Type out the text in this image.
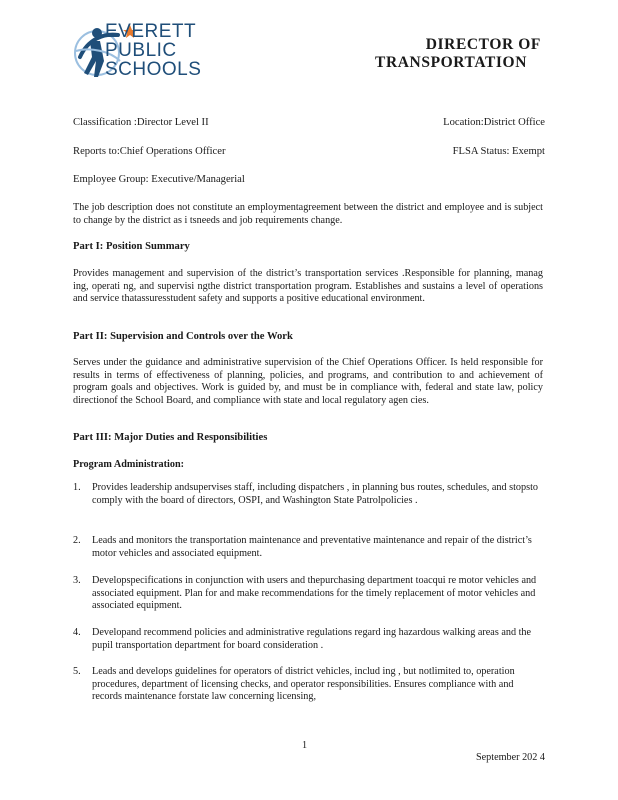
EVERETT
PUBLIC
SCHOOLS
DIRECTOR OF
TRANSPORTATION
Classification :Director Level II	Location:District Office
Reports to:Chief Operations Officer	FLSA Status: Exempt
Employee Group: Executive/Managerial
The job description does not constitute an employmentagreement between the district and employee and is subject to change by the district as i tsneeds and job requirements change.
Part I: Position Summary
Provides management and supervision of the district’s transportation services .Responsible for planning, manag ing, operati ng, and supervisi ngthe district transportation program. Establishes and sustains a level of operations and service thatassuresstudent safety and supports a positive educational environment.
Part II: Supervision and Controls over the Work
Serves under the guidance and administrative supervision of the Chief Operations Officer. Is held responsible for results in terms of effectiveness of planning, policies, and programs, and contribution to and achievement of program goals and objectives. Work is guided by, and must be in compliance with, federal and state law, policy directionof the School Board, and compliance with state and local regulatory agen cies.
Part III: Major Duties and Responsibilities
Program Administration:
1. Provides leadership andsupervises staff, including dispatchers , in planning bus routes, schedules, and stopsto comply with the board of directors, OSPI, and Washington State Patrolpolicies .
2. Leads and monitors the transportation maintenance and preventative maintenance and repair of the district’s motor vehicles and associated equipment.
3. Developspecifications in conjunction with users and thepurchasing department toacqui re motor vehicles and associated equipment. Plan for and make recommendations for the timely replacement of motor vehicles and associated equipment.
4. Developand recommend policies and administrative regulations regard ing hazardous walking areas and the pupil transportation department for board consideration .
5. Leads and develops guidelines for operators of district vehicles, includ ing , but notlimited to, operation procedures, department of licensing checks, and operator responsibilities. Ensures compliance with and records maintenance forstate law concerning licensing,
1
September 202 4
